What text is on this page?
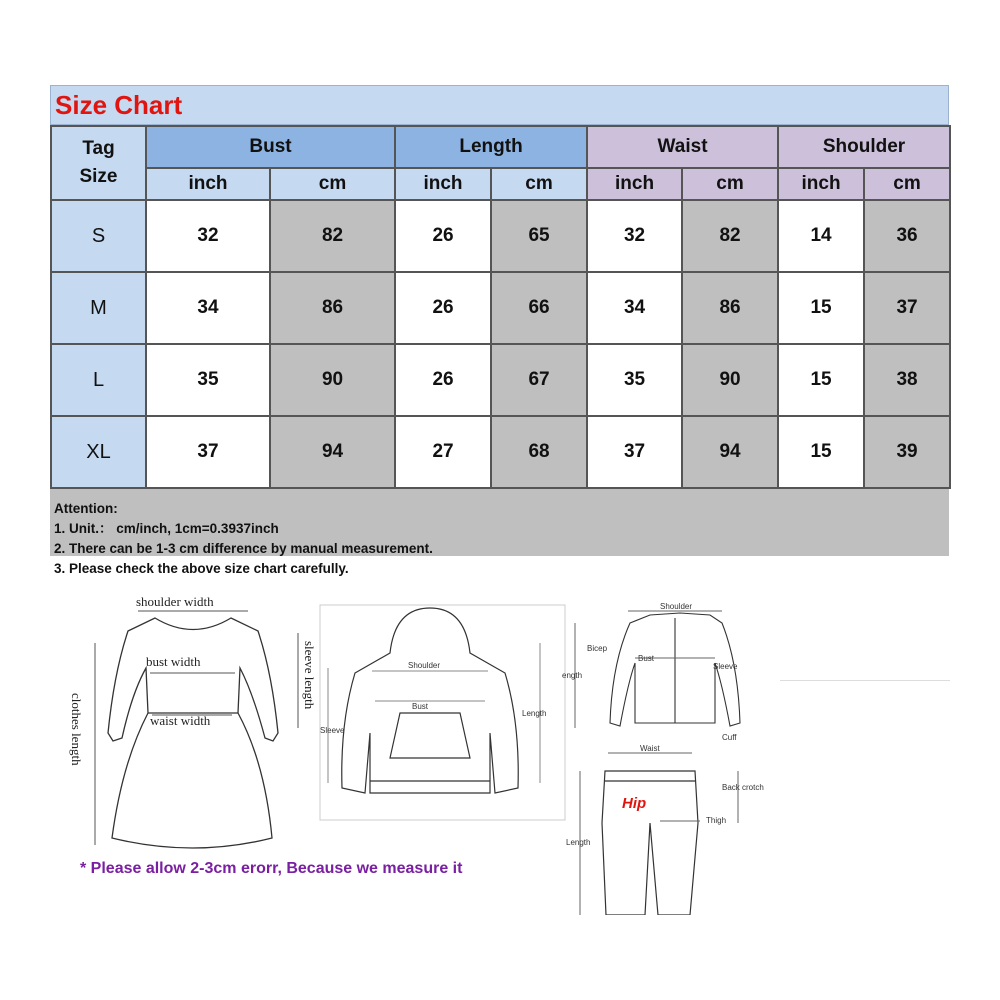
Size Chart
Tag
Size	Bust		Length		Waist		Shoulder	
	inch	cm	inch	cm	inch	cm	inch	cm
S	32	82	26	65	32	82	14	36
M	34	86	26	66	34	86	15	37
L	35	90	26	67	35	90	15	38
XL	37	94	27	68	37	94	15	39
Attention:
1. Unit.： cm/inch, 1cm=0.3937inch
2. There can be 1-3 cm difference by manual measurement.
3. Please check the above size chart carefully.
shoulder width
bust width
waist width
sleeve length
clothes length
Shoulder
Bust
Sleeve
Length
Shoulder
Bicep
Bust
Sleeve
ength
Cuff
Waist
Hip
Back crotch
Thigh
Length
* Please allow 2-3cm erorr, Because we measure it
